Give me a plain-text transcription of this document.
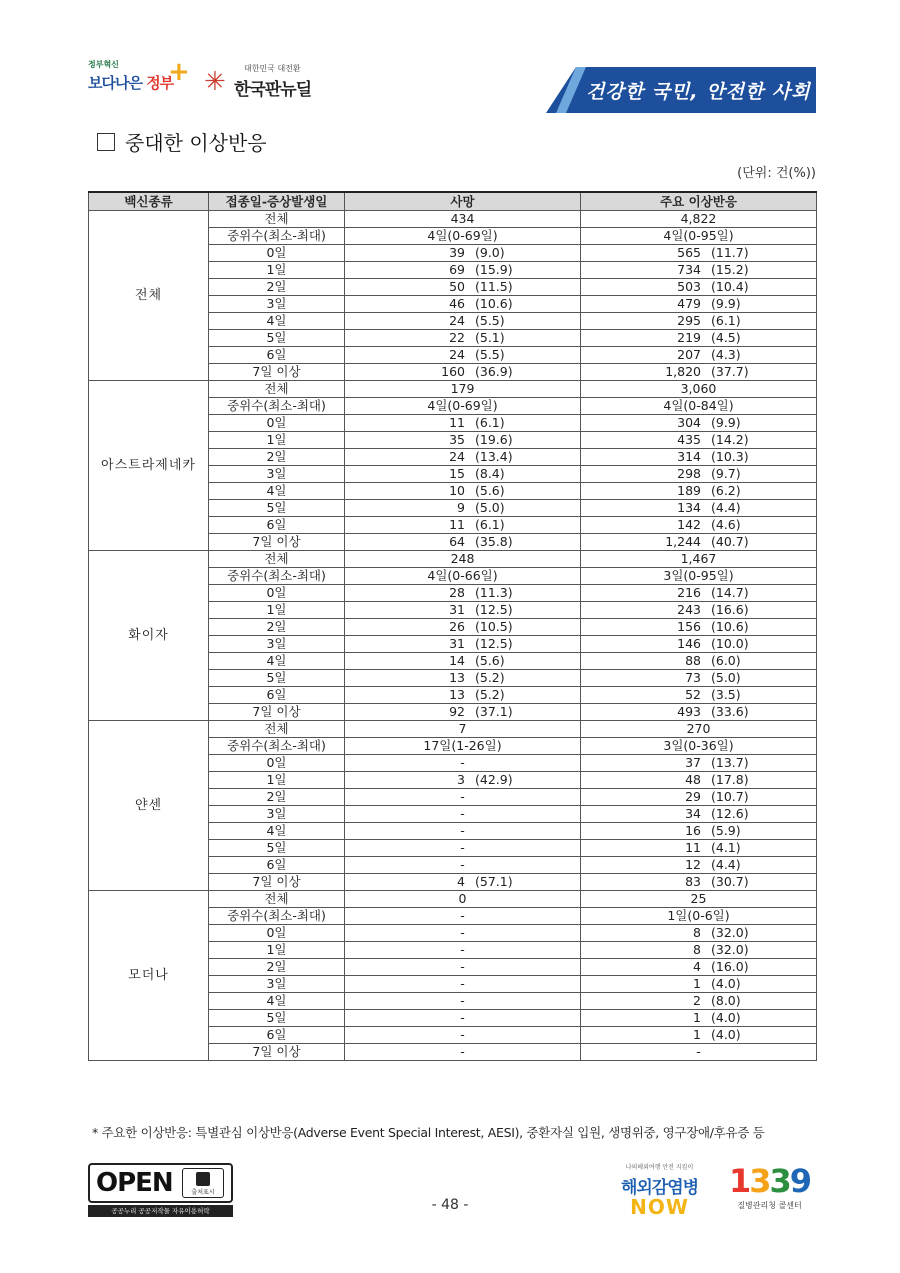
정부혁신
보다나은 정부
+ ✳ 대한민국 대전환
한국판뉴딜	건강한 국민, 안전한 사회
중대한 이상반응
(단위: 건(%))
백신종류	접종일-증상발생일	사망	주요 이상반응
전체	전체	434	4,822
	중위수(최소-최대)	4일(0-69일)	4일(0-95일)
	0일	39 (9.0)	565 (11.7)
	1일	69 (15.9)	734 (15.2)
	2일	50 (11.5)	503 (10.4)
	3일	46 (10.6)	479 (9.9)
	4일	24 (5.5)	295 (6.1)
	5일	22 (5.1)	219 (4.5)
	6일	24 (5.5)	207 (4.3)
	7일 이상	160 (36.9)	1,820 (37.7)
아스트라제네카	전체	179	3,060
	중위수(최소-최대)	4일(0-69일)	4일(0-84일)
	0일	11 (6.1)	304 (9.9)
	1일	35 (19.6)	435 (14.2)
	2일	24 (13.4)	314 (10.3)
	3일	15 (8.4)	298 (9.7)
	4일	10 (5.6)	189 (6.2)
	5일	9 (5.0)	134 (4.4)
	6일	11 (6.1)	142 (4.6)
	7일 이상	64 (35.8)	1,244 (40.7)
화이자	전체	248	1,467
	중위수(최소-최대)	4일(0-66일)	3일(0-95일)
	0일	28 (11.3)	216 (14.7)
	1일	31 (12.5)	243 (16.6)
	2일	26 (10.5)	156 (10.6)
	3일	31 (12.5)	146 (10.0)
	4일	14 (5.6)	88 (6.0)
	5일	13 (5.2)	73 (5.0)
	6일	13 (5.2)	52 (3.5)
	7일 이상	92 (37.1)	493 (33.6)
얀센	전체	7	270
	중위수(최소-최대)	17일(1-26일)	3일(0-36일)
	0일	-	37 (13.7)
	1일	3 (42.9)	48 (17.8)
	2일	-	29 (10.7)
	3일	-	34 (12.6)
	4일	-	16 (5.9)
	5일	-	11 (4.1)
	6일	-	12 (4.4)
	7일 이상	4 (57.1)	83 (30.7)
모더나	전체	0	25
	중위수(최소-최대)	-	1일(0-6일)
	0일	-	8 (32.0)
	1일	-	8 (32.0)
	2일	-	4 (16.0)
	3일	-	1 (4.0)
	4일	-	2 (8.0)
	5일	-	1 (4.0)
	6일	-	1 (4.0)
	7일 이상	-	-
* 주요한 이상반응: 특별관심 이상반응(Adverse Event Special Interest, AESI), 중환자실 입원, 생명위중, 영구장애/후유증 등
OPEN	출처표시
공공누리 공공저작물 자유이용허락	- 48 -
나의해외여행 안전 지킴이
해외감염병
NOW
1339
질병관리청 콜센터
